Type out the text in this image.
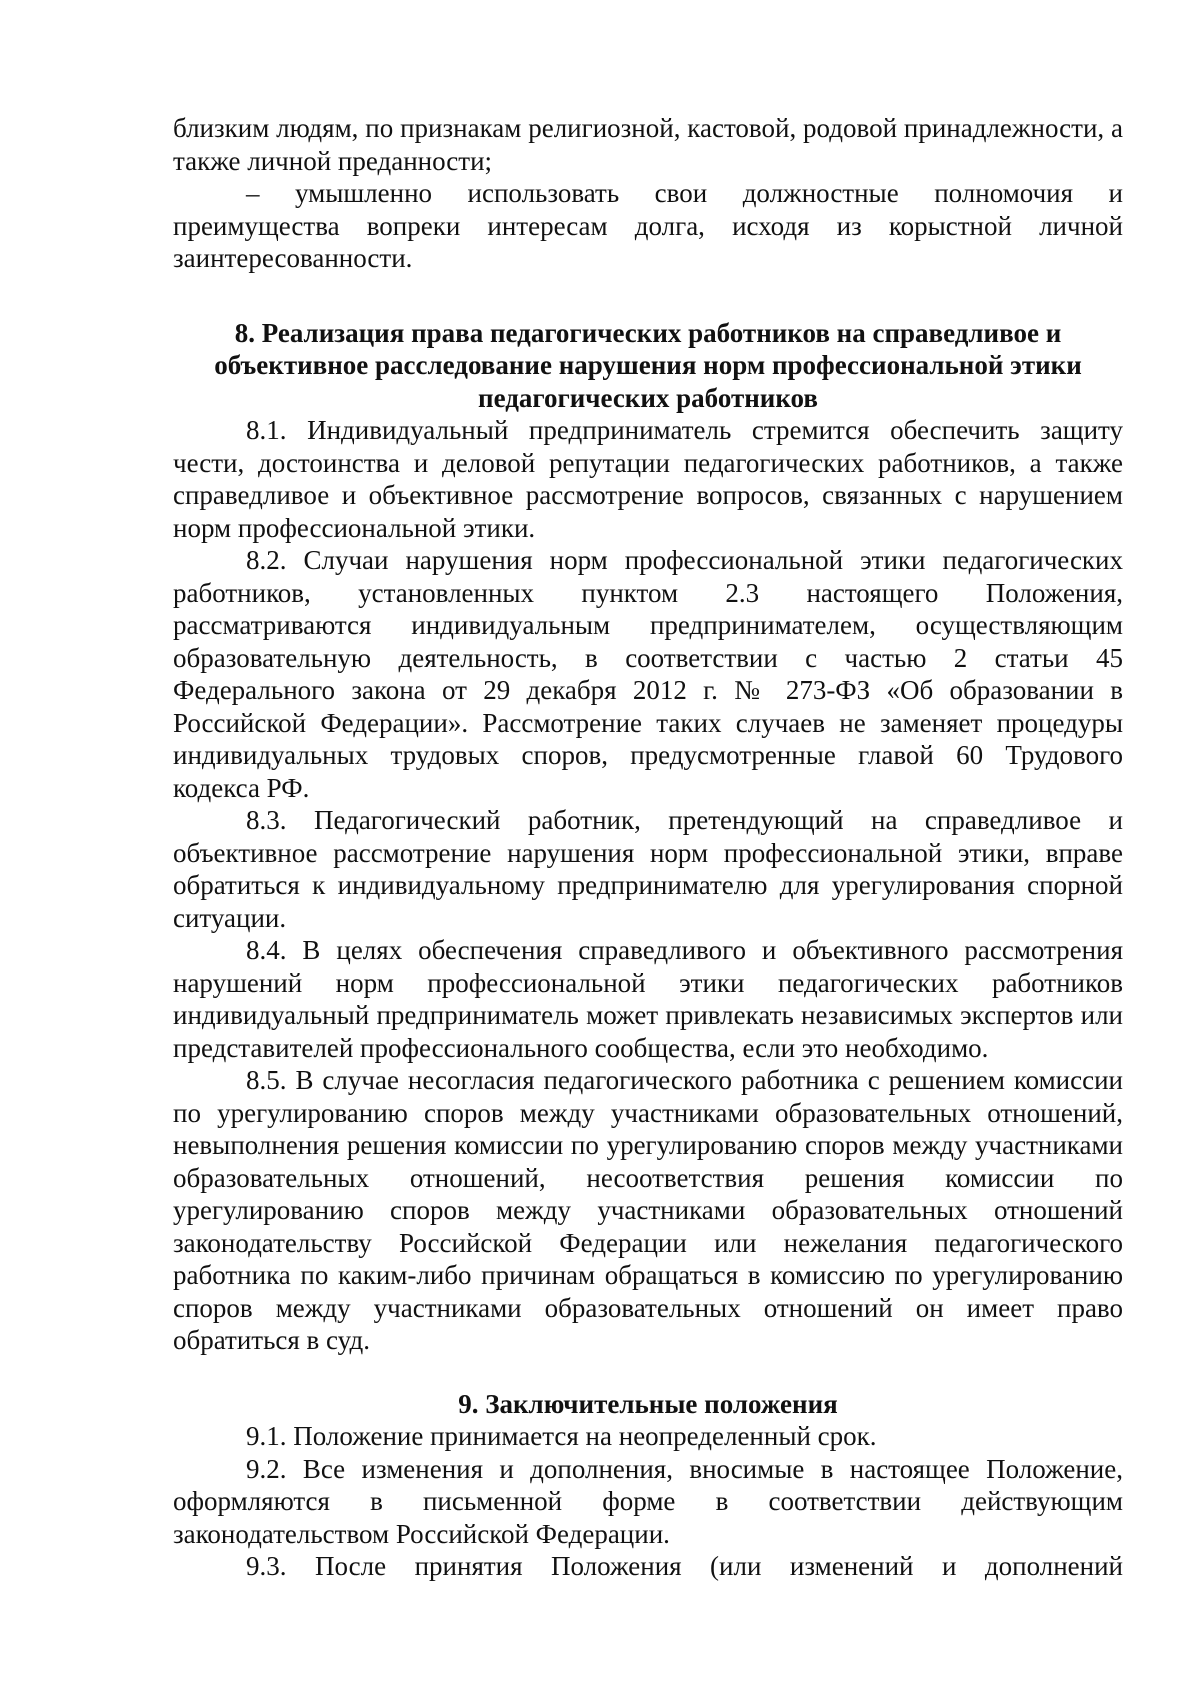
близким людям, по признакам религиозной, кастовой, родовой принадлежности, а также личной преданности;

– умышленно использовать свои должностные полномочия и преимущества вопреки интересам долга, исходя из корыстной личной заинтересованности.

8. Реализация права педагогических работников на справедливое и объективное расследование нарушения норм профессиональной этики педагогических работников

8.1. Индивидуальный предприниматель стремится обеспечить защиту чести, достоинства и деловой репутации педагогических работников, а также справедливое и объективное рассмотрение вопросов, связанных с нарушением норм профессиональной этики.

8.2. Случаи нарушения норм профессиональной этики педагогических работников, установленных пунктом 2.3 настоящего Положения, рассматриваются индивидуальным предпринимателем, осуществляющим образовательную деятельность, в соответствии с частью 2 статьи 45 Федерального закона от 29 декабря 2012 г. № 273-ФЗ «Об образовании в Российской Федерации». Рассмотрение таких случаев не заменяет процедуры индивидуальных трудовых споров, предусмотренные главой 60 Трудового кодекса РФ.

8.3. Педагогический работник, претендующий на справедливое и объективное рассмотрение нарушения норм профессиональной этики, вправе обратиться к индивидуальному предпринимателю для урегулирования спорной ситуации.

8.4. В целях обеспечения справедливого и объективного рассмотрения нарушений норм профессиональной этики педагогических работников индивидуальный предприниматель может привлекать независимых экспертов или представителей профессионального сообщества, если это необходимо.

8.5. В случае несогласия педагогического работника с решением комиссии по урегулированию споров между участниками образовательных отношений, невыполнения решения комиссии по урегулированию споров между участниками образовательных отношений, несоответствия решения комиссии по урегулированию споров между участниками образовательных отношений законодательству Российской Федерации или нежелания педагогического работника по каким-либо причинам обращаться в комиссию по урегулированию споров между участниками образовательных отношений он имеет право обратиться в суд.

9. Заключительные положения

9.1. Положение принимается на неопределенный срок.

9.2. Все изменения и дополнения, вносимые в настоящее Положение, оформляются в письменной форме в соответствии действующим законодательством Российской Федерации.

9.3. После принятия Положения (или изменений и дополнений
